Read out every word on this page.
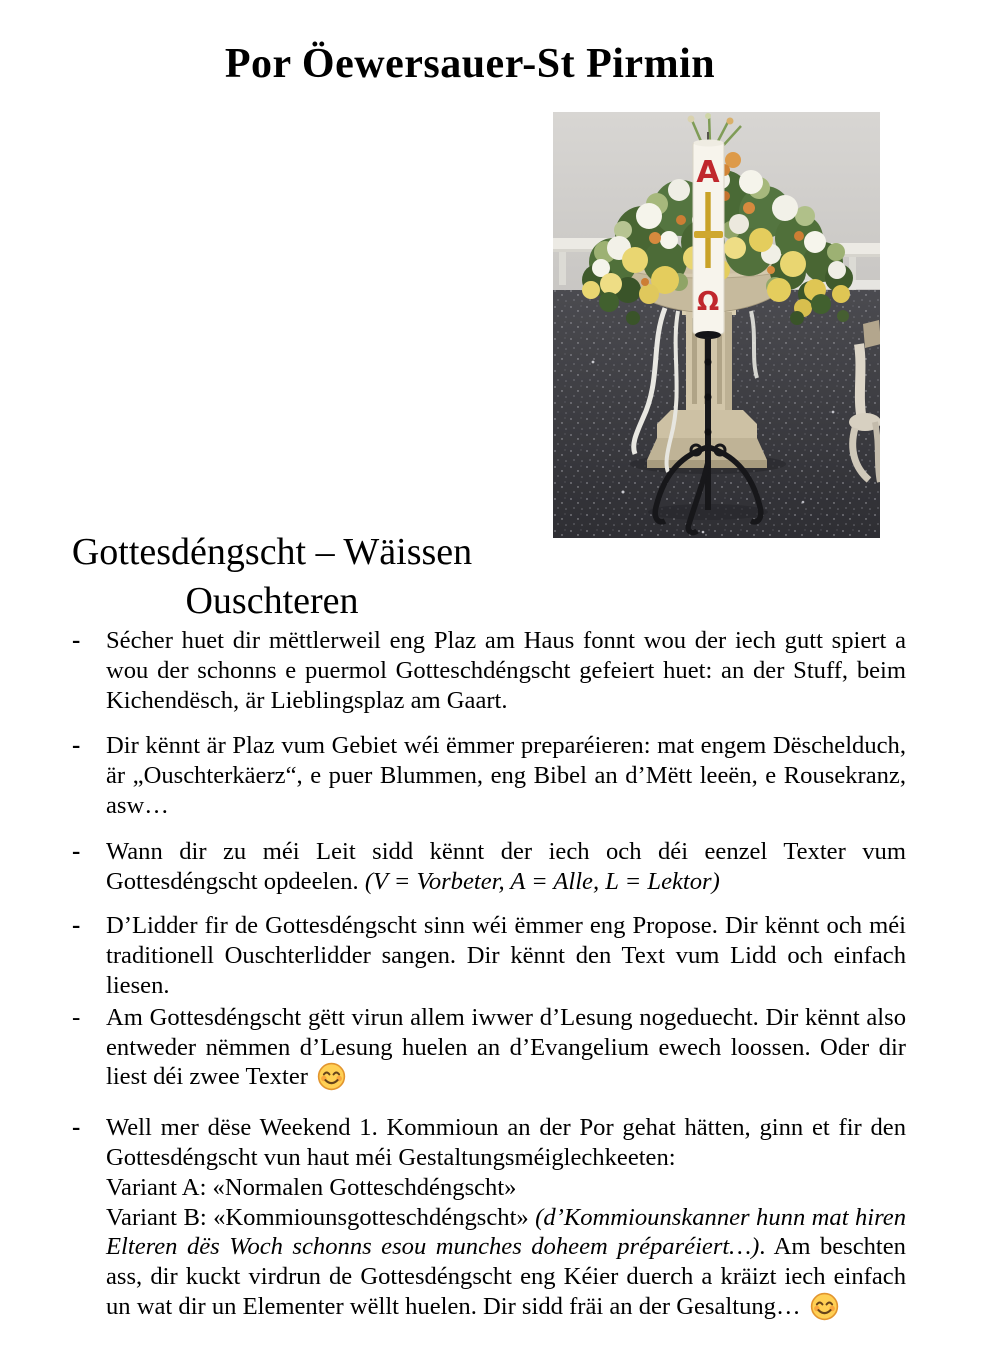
Por Öewersauer-St Pirmin
A
Ω
Gottesdéngscht – Wäissen
Ouschteren
-	Sécher huet dir mëttlerweil eng Plaz am Haus fonnt wou der iech gutt spiert a wou der schonns e puermol Gotteschdéngscht gefeiert huet: an der Stuff, beim Kichendësch, är Lieblingsplaz am Gaart.

-	Dir kënnt är Plaz vum Gebiet wéi ëmmer preparéieren: mat engem Dëschelduch, är „Ouschterkäerz“, e puer Blummen, eng Bibel an d’Mëtt leeën, e Rousekranz, asw…

-	Wann dir zu méi Leit sidd kënnt der iech och déi eenzel Texter vum Gottesdéngscht opdeelen. (V = Vorbeter, A = Alle, L = Lektor)

-	D’Lidder fir de Gottesdéngscht sinn wéi ëmmer eng Propose. Dir kënnt och méi traditionell Ouschterlidder sangen. Dir kënnt den Text vum Lidd och einfach liesen.

-	Am Gottesdéngscht gëtt virun allem iwwer d’Lesung nogeduecht. Dir kënnt also entweder nëmmen d’Lesung huelen an d’Evangelium ewech loossen. Oder dir liest déi zwee Texter

-	Well mer dëse Weekend 1. Kommioun an der Por gehat hätten, ginn et fir den Gottesdéngscht vun haut méi Gestaltungsméiglechkeeten:
Variant A: «Normalen Gotteschdéngscht»
Variant B: «Kommiounsgotteschdéngscht» (d’Kommiounskanner hunn mat hiren Elteren dës Woch schonns esou munches doheem préparéiert…). Am beschten ass, dir kuckt virdrun de Gottesdéngscht eng Kéier duerch a kräizt iech einfach un wat dir un Elementer wëllt huelen. Dir sidd fräi an der Gesaltung…
